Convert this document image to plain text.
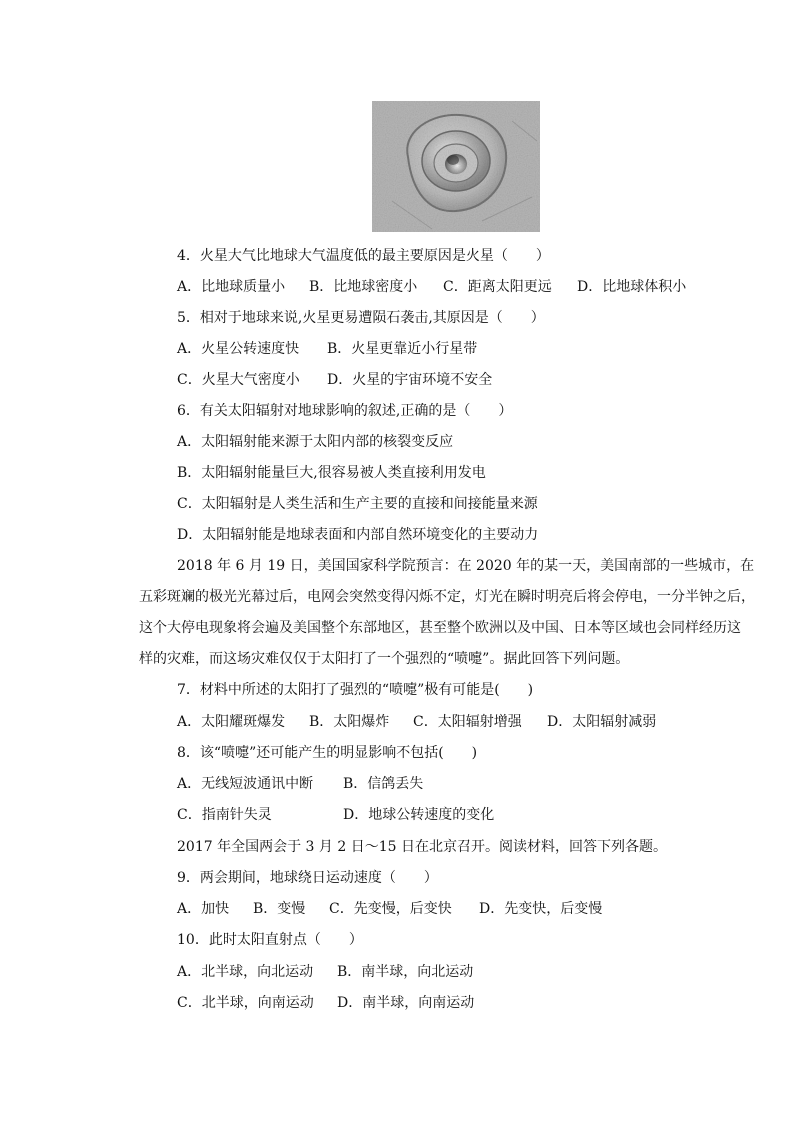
4．火星大气比地球大气温度低的最主要原因是火星（　　）
A．比地球质量小 B．比地球密度小 C．距离太阳更远 D．比地球体积小
5．相对于地球来说,火星更易遭陨石袭击,其原因是（　　）
A．火星公转速度快 B．火星更靠近小行星带
C．火星大气密度小 D．火星的宇宙环境不安全
6．有关太阳辐射对地球影响的叙述,正确的是（　　）
A．太阳辐射能来源于太阳内部的核裂变反应
B．太阳辐射能量巨大,很容易被人类直接利用发电
C．太阳辐射是人类生活和生产主要的直接和间接能量来源
D．太阳辐射能是地球表面和内部自然环境变化的主要动力
2018 年 6 月 19 日，美国国家科学院预言：在 2020 年的某一天，美国南部的一些城市，在
五彩斑斓的极光光幕过后，电网会突然变得闪烁不定，灯光在瞬时明亮后将会停电，一分半钟之后，
这个大停电现象将会遍及美国整个东部地区，甚至整个欧洲以及中国、日本等区域也会同样经历这
样的灾难，而这场灾难仅仅于太阳打了一个强烈的“喷嚏”。据此回答下列问题。
7．材料中所述的太阳打了强烈的“喷嚏”极有可能是(　　)
A．太阳耀斑爆发 B．太阳爆炸 C．太阳辐射增强 D．太阳辐射减弱
8．该“喷嚏”还可能产生的明显影响不包括(　　)
A．无线短波通讯中断 B．信鸽丢失
C．指南针失灵	D．地球公转速度的变化
2017 年全国两会于 3 月 2 日～15 日在北京召开。阅读材料，回答下列各题。
9．两会期间，地球绕日运动速度（　　）
A．加快 B．变慢 C．先变慢，后变快 D．先变快，后变慢
10．此时太阳直射点（　　）
A．北半球，向北运动 B．南半球，向北运动
C．北半球，向南运动 D．南半球，向南运动
